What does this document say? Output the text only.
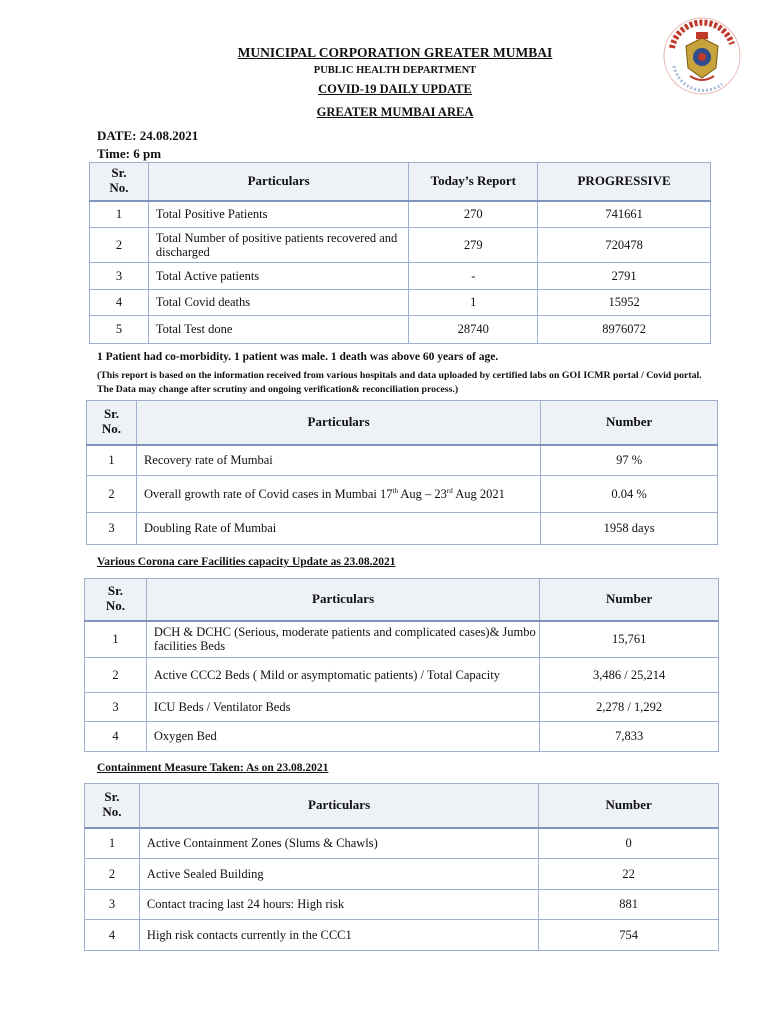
MUNICIPAL CORPORATION GREATER MUMBAI
PUBLIC HEALTH DEPARTMENT
COVID-19 DAILY UPDATE
GREATER MUMBAI AREA
DATE: 24.08.2021
Time: 6 pm
Sr.
No.	Particulars	Today’s Report	PROGRESSIVE
1	Total Positive Patients	270	741661
2	Total Number of positive patients recovered and discharged	279	720478
3	Total Active patients	-	2791
4	Total Covid deaths	1	15952
5	Total Test done	28740	8976072
1 Patient had co-morbidity. 1 patient was male. 1 death was above 60 years of age.
(This report is based on the information received from various hospitals and data uploaded by certified labs on GOI ICMR portal / Covid portal. The Data may change after scrutiny and ongoing verification& reconciliation process.)
Sr.
No.	Particulars	Number
1	Recovery rate of Mumbai	97 %
2	Overall growth rate of Covid cases in Mumbai 17th Aug – 23rd Aug 2021	0.04 %
3	Doubling Rate of Mumbai	1958 days
Various Corona care Facilities capacity Update as 23.08.2021
Sr.
No.	Particulars	Number
1	DCH & DCHC (Serious, moderate patients and complicated cases)& Jumbo facilities Beds	15,761
2	Active CCC2 Beds ( Mild or asymptomatic patients) / Total Capacity	3,486 / 25,214
3	ICU Beds / Ventilator Beds	2,278 / 1,292
4	Oxygen Bed	7,833
Containment Measure Taken: As on 23.08.2021
Sr.
No.	Particulars	Number
1	Active Containment Zones (Slums & Chawls)	0
2	Active Sealed Building	22
3	Contact tracing last 24 hours: High risk	881
4	High risk contacts currently in the CCC1	754
